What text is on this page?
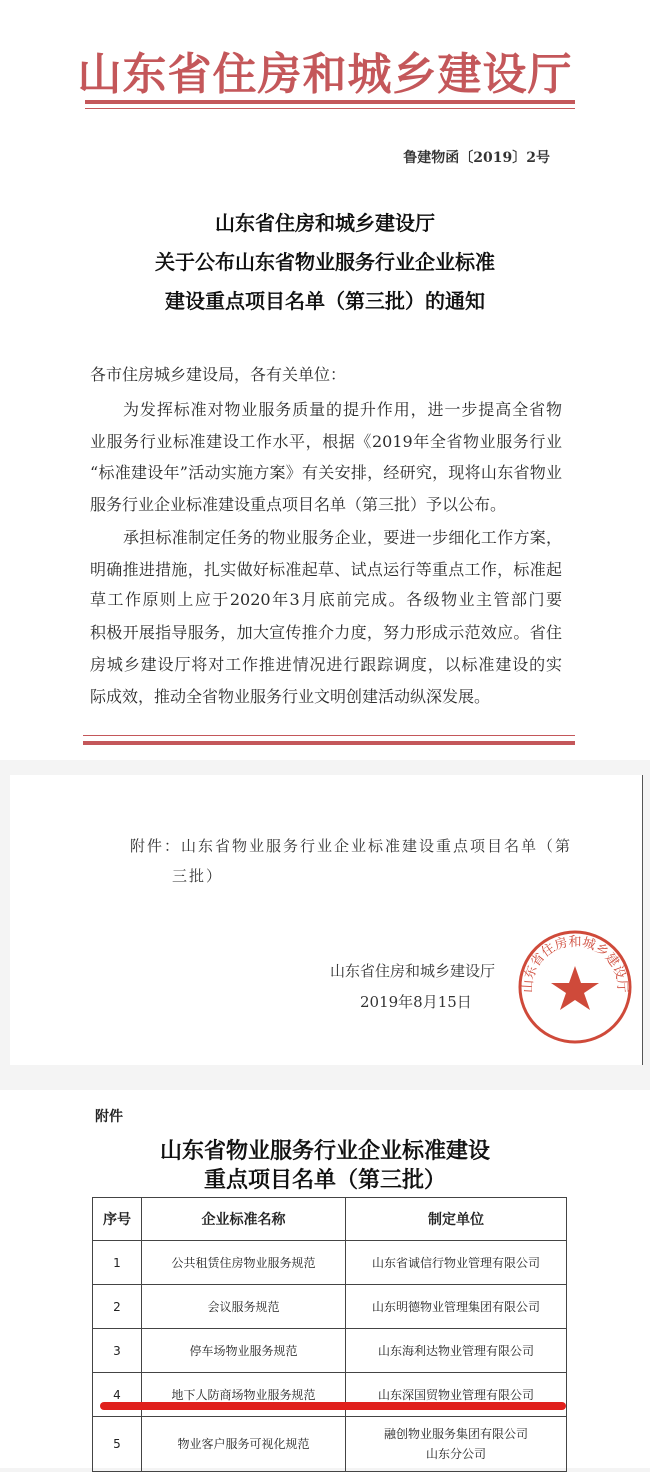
山东省住房和城乡建设厅
鲁建物函〔2019〕2号
山东省住房和城乡建设厅
关于公布山东省物业服务行业企业标准
建设重点项目名单（第三批）的通知
各市住房城乡建设局，各有关单位：
为发挥标准对物业服务质量的提升作用，进一步提高全省物
业服务行业标准建设工作水平，根据《2019年全省物业服务行业
“标准建设年”活动实施方案》有关安排，经研究，现将山东省物业
服务行业企业标准建设重点项目名单（第三批）予以公布。
承担标准制定任务的物业服务企业，要进一步细化工作方案，
明确推进措施，扎实做好标准起草、试点运行等重点工作，标准起
草工作原则上应于2020年3月底前完成。各级物业主管部门要
积极开展指导服务，加大宣传推介力度，努力形成示范效应。省住
房城乡建设厅将对工作推进情况进行跟踪调度，以标准建设的实
际成效，推动全省物业服务行业文明创建活动纵深发展。
附件：山东省物业服务行业企业标准建设重点项目名单（第
三批）
山东省住房和城乡建设厅
2019年8月15日
山东省住房和城乡建设厅
附件
山东省物业服务行业企业标准建设
重点项目名单（第三批）
序号	企业标准名称	制定单位
1	公共租赁住房物业服务规范	山东省诚信行物业管理有限公司
2	会议服务规范	山东明德物业管理集团有限公司
3	停车场物业服务规范	山东海利达物业管理有限公司
4	地下人防商场物业服务规范	山东深国贸物业管理有限公司
5	物业客户服务可视化规范	融创物业服务集团有限公司
山东分公司
